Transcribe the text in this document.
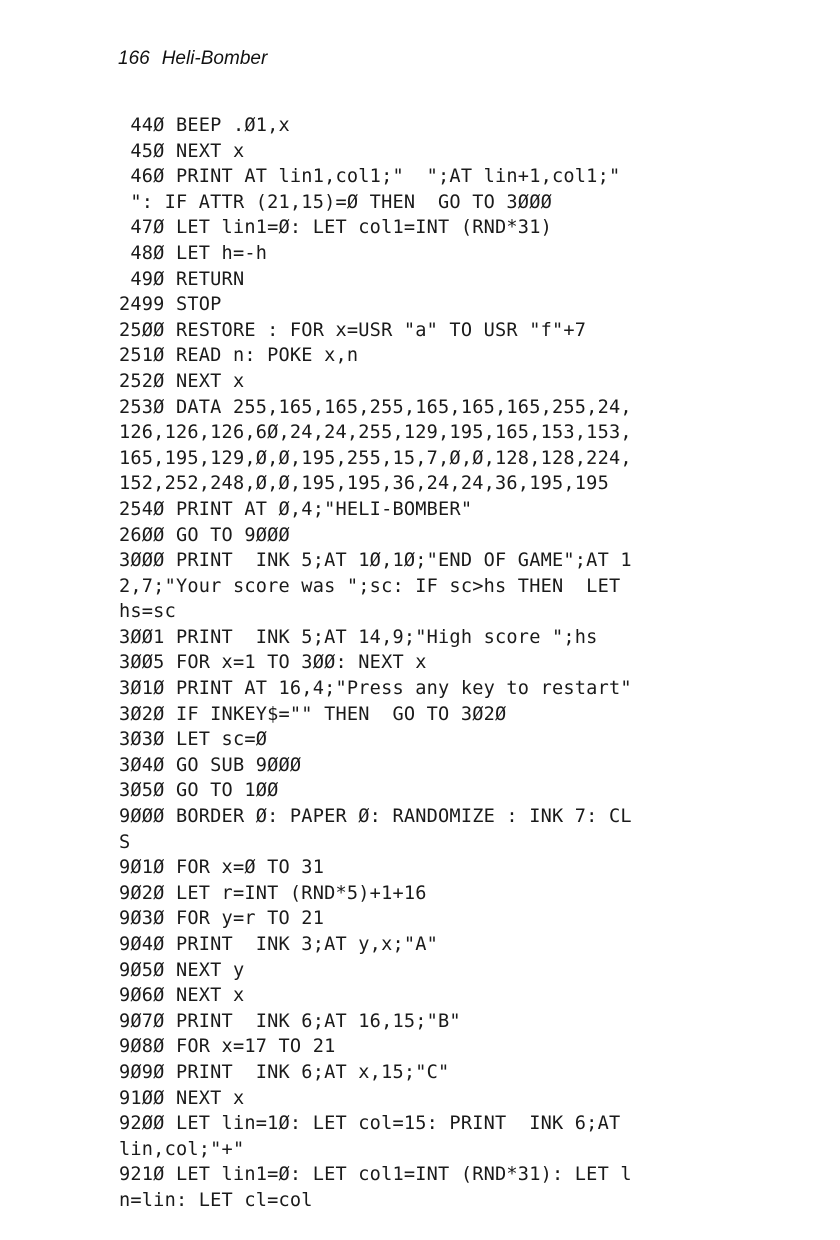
166 Heli-Bomber
44Ø BEEP .Ø1,x
45Ø NEXT x
46Ø PRINT AT lin1,col1;"  ";AT lin+1,col1;"
": IF ATTR (21,15)=Ø THEN  GO TO 3ØØØ
47Ø LET lin1=Ø: LET col1=INT (RND*31)
48Ø LET h=-h
49Ø RETURN
2499 STOP
25ØØ RESTORE : FOR x=USR "a" TO USR "f"+7
251Ø READ n: POKE x,n
252Ø NEXT x
253Ø DATA 255,165,165,255,165,165,165,255,24,
126,126,126,6Ø,24,24,255,129,195,165,153,153,
165,195,129,Ø,Ø,195,255,15,7,Ø,Ø,128,128,224,
152,252,248,Ø,Ø,195,195,36,24,24,36,195,195
254Ø PRINT AT Ø,4;"HELI-BOMBER"
26ØØ GO TO 9ØØØ
3ØØØ PRINT  INK 5;AT 1Ø,1Ø;"END OF GAME";AT 1
2,7;"Your score was ";sc: IF sc>hs THEN  LET
hs=sc
3ØØ1 PRINT  INK 5;AT 14,9;"High score ";hs
3ØØ5 FOR x=1 TO 3ØØ: NEXT x
3Ø1Ø PRINT AT 16,4;"Press any key to restart"
3Ø2Ø IF INKEY$="" THEN  GO TO 3Ø2Ø
3Ø3Ø LET sc=Ø
3Ø4Ø GO SUB 9ØØØ
3Ø5Ø GO TO 1ØØ
9ØØØ BORDER Ø: PAPER Ø: RANDOMIZE : INK 7: CL
S
9Ø1Ø FOR x=Ø TO 31
9Ø2Ø LET r=INT (RND*5)+1+16
9Ø3Ø FOR y=r TO 21
9Ø4Ø PRINT  INK 3;AT y,x;"A"
9Ø5Ø NEXT y
9Ø6Ø NEXT x
9Ø7Ø PRINT  INK 6;AT 16,15;"B"
9Ø8Ø FOR x=17 TO 21
9Ø9Ø PRINT  INK 6;AT x,15;"C"
91ØØ NEXT x
92ØØ LET lin=1Ø: LET col=15: PRINT  INK 6;AT
lin,col;"+"
921Ø LET lin1=Ø: LET col1=INT (RND*31): LET l
n=lin: LET cl=col
